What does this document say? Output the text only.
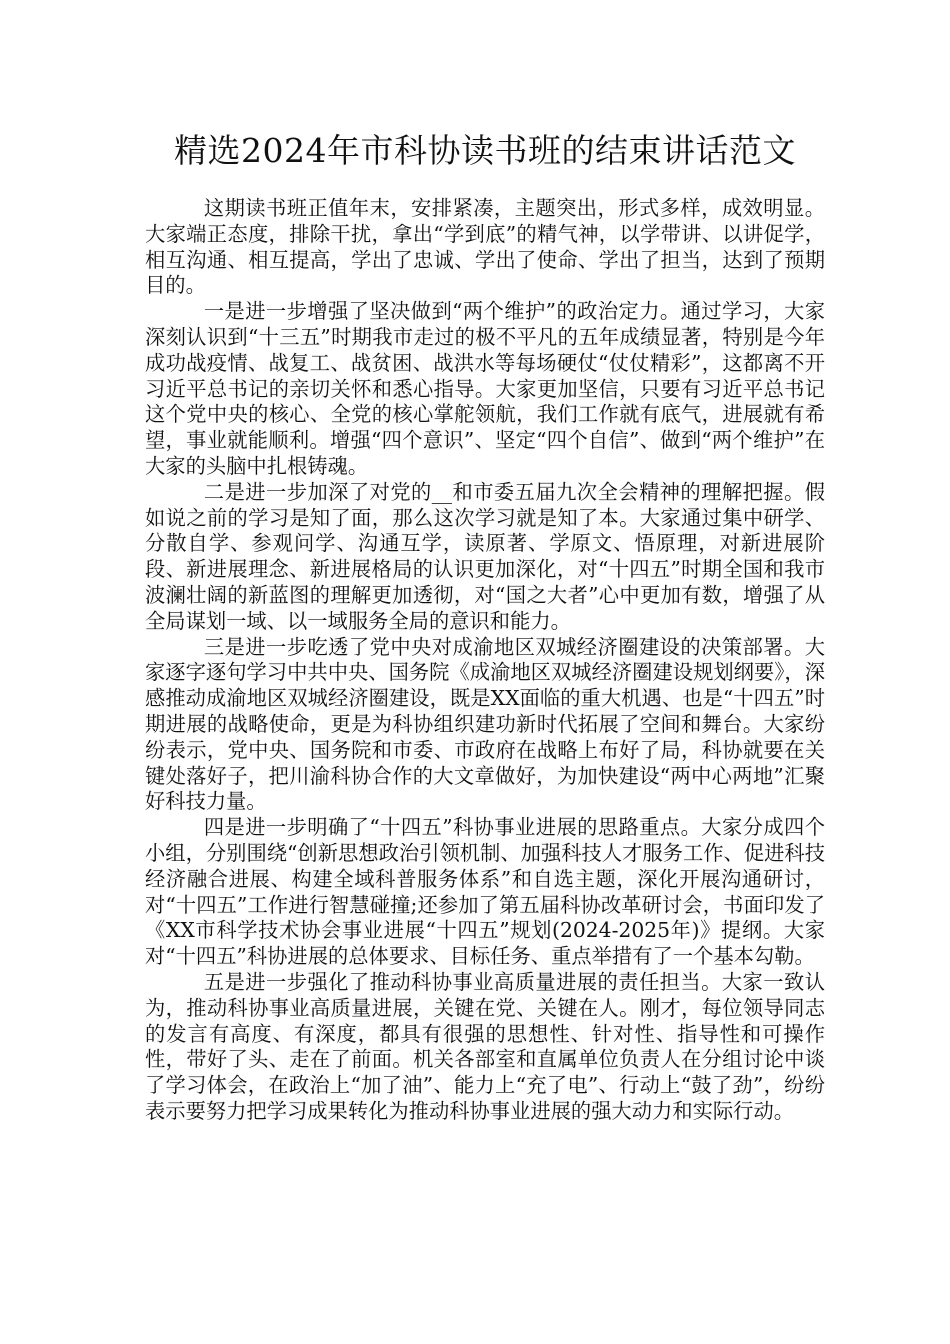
精选2024年市科协读书班的结束讲话范文

这期读书班正值年末，安排紧凑，主题突出，形式多样，成效明显。大家端正态度，排除干扰，拿出“学到底”的精气神，以学带讲、以讲促学，相互沟通、相互提高，学出了忠诚、学出了使命、学出了担当，达到了预期目的。

一是进一步增强了坚决做到“两个维护”的政治定力。通过学习，大家深刻认识到“十三五”时期我市走过的极不平凡的五年成绩显著，特别是今年成功战疫情、战复工、战贫困、战洪水等每场硬仗“仗仗精彩”，这都离不开习近平总书记的亲切关怀和悉心指导。大家更加坚信，只要有习近平总书记这个党中央的核心、全党的核心掌舵领航，我们工作就有底气，进展就有希望，事业就能顺利。增强“四个意识”、坚定“四个自信”、做到“两个维护”在大家的头脑中扎根铸魂。

二是进一步加深了对党的__和市委五届九次全会精神的理解把握。假如说之前的学习是知了面，那么这次学习就是知了本。大家通过集中研学、分散自学、参观问学、沟通互学，读原著、学原文、悟原理，对新进展阶段、新进展理念、新进展格局的认识更加深化，对“十四五”时期全国和我市波澜壮阔的新蓝图的理解更加透彻，对“国之大者”心中更加有数，增强了从全局谋划一域、以一域服务全局的意识和能力。

三是进一步吃透了党中央对成渝地区双城经济圈建设的决策部署。大家逐字逐句学习中共中央、国务院《成渝地区双城经济圈建设规划纲要》，深感推动成渝地区双城经济圈建设，既是XX面临的重大机遇、也是“十四五”时期进展的战略使命，更是为科协组织建功新时代拓展了空间和舞台。大家纷纷表示，党中央、国务院和市委、市政府在战略上布好了局，科协就要在关键处落好子，把川渝科协合作的大文章做好，为加快建设“两中心两地”汇聚好科技力量。

四是进一步明确了“十四五”科协事业进展的思路重点。大家分成四个小组，分别围绕“创新思想政治引领机制、加强科技人才服务工作、促进科技经济融合进展、构建全域科普服务体系”和自选主题，深化开展沟通研讨，对“十四五”工作进行智慧碰撞;还参加了第五届科协改革研讨会，书面印发了《XX市科学技术协会事业进展“十四五”规划(2024-2025年)》提纲。大家对“十四五”科协进展的总体要求、目标任务、重点举措有了一个基本勾勒。

五是进一步强化了推动科协事业高质量进展的责任担当。大家一致认为，推动科协事业高质量进展，关键在党、关键在人。刚才，每位领导同志的发言有高度、有深度，都具有很强的思想性、针对性、指导性和可操作性，带好了头、走在了前面。机关各部室和直属单位负责人在分组讨论中谈了学习体会，在政治上“加了油”、能力上“充了电”、行动上“鼓了劲”，纷纷表示要努力把学习成果转化为推动科协事业进展的强大动力和实际行动。
